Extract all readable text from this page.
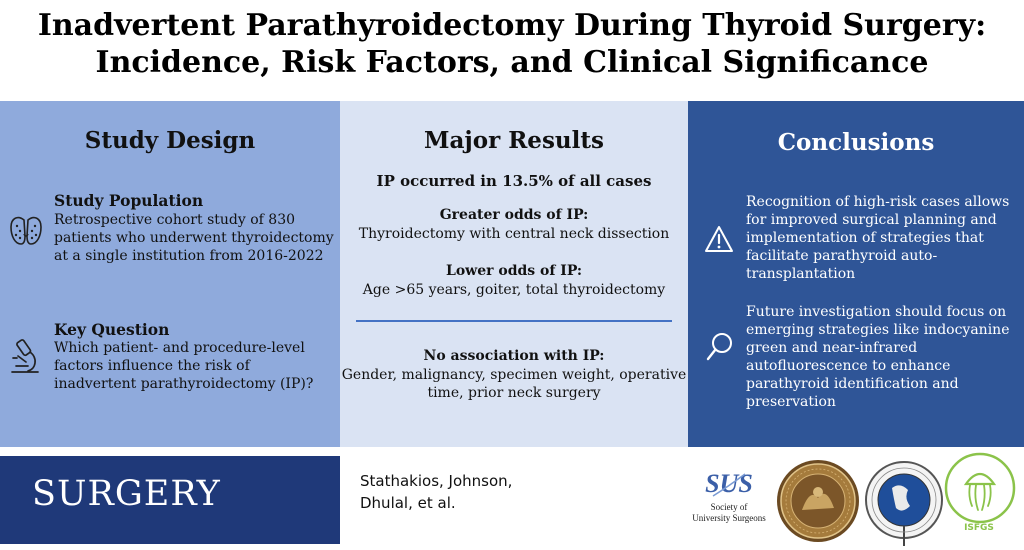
Inadvertent Parathyroidectomy During Thyroid Surgery:
Incidence, Risk Factors, and Clinical Significance
Study Design
Study Population
Retrospective cohort study of 830 patients who underwent thyroidectomy at a single institution from 2016-2022
Key Question
Which patient- and procedure-level factors influence the risk of inadvertent parathyroidectomy (IP)?
Major Results
IP occurred in 13.5% of all cases
Greater odds of IP:
Thyroidectomy with central neck dissection
Lower odds of IP:
Age >65 years, goiter, total thyroidectomy
No association with IP:
Gender, malignancy, specimen weight, operative
time, prior neck surgery
Conclusions
Recognition of high-risk cases allows for improved surgical planning and implementation of strategies that facilitate parathyroid auto-transplantation
Future investigation should focus on emerging strategies like indocyanine green and near-infrared autofluorescence to enhance parathyroid identification and preservation
SURGERY	Stathakios, Johnson,
Dhulal, et al.
SUS
Society of
University Surgeons
ISFGS
